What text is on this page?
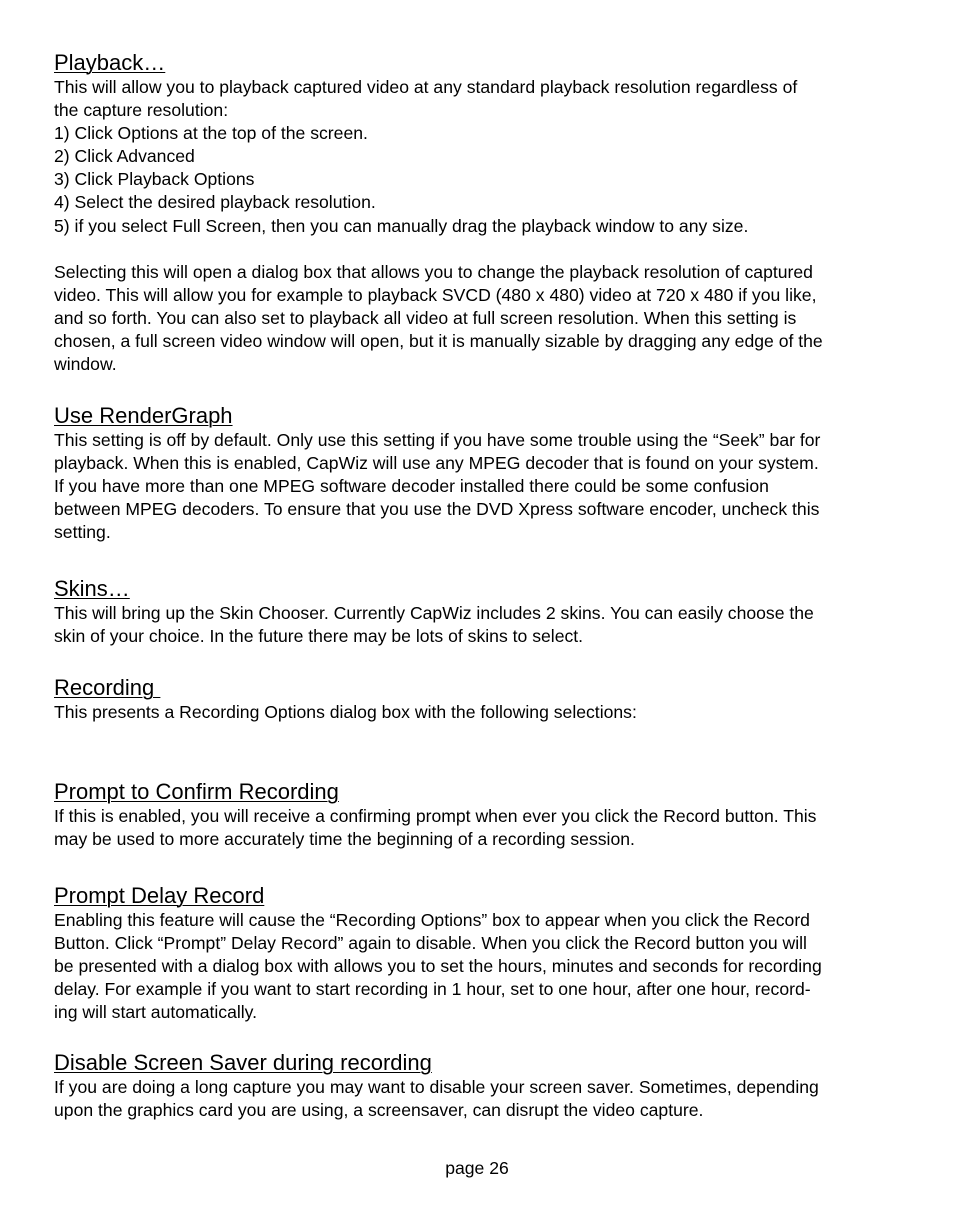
Playback…
This will allow you to playback captured video at any standard playback resolution regardless of
the capture resolution:
1) Click Options at the top of the screen.
2) Click Advanced
3) Click Playback Options
4) Select the desired playback resolution.
5) if you select Full Screen, then you can manually drag the playback window to any size.
Selecting this will open a dialog box that allows you to change the playback resolution of captured
video. This will allow you for example to playback SVCD (480 x 480) video at 720 x 480 if you like,
and so forth. You can also set to playback all video at full screen resolution. When this setting is
chosen, a full screen video window will open, but it is manually sizable by dragging any edge of the
window.
Use RenderGraph
This setting is off by default. Only use this setting if you have some trouble using the “Seek” bar for
playback. When this is enabled, CapWiz will use any MPEG decoder that is found on your system.
If you have more than one MPEG software decoder installed there could be some confusion
between MPEG decoders. To ensure that you use the DVD Xpress software encoder, uncheck this
setting.
Skins…
This will bring up the Skin Chooser. Currently CapWiz includes 2 skins. You can easily choose the
skin of your choice. In the future there may be lots of skins to select.
Recording
This presents a Recording Options dialog box with the following selections:
Prompt to Confirm Recording
If this is enabled, you will receive a confirming prompt when ever you click the Record button. This
may be used to more accurately time the beginning of a recording session.
Prompt Delay Record
Enabling this feature will cause the “Recording Options” box to appear when you click the Record
Button. Click “Prompt” Delay Record” again to disable. When you click the Record button you will
be presented with a dialog box with allows you to set the hours, minutes and seconds for recording
delay. For example if you want to start recording in 1 hour, set to one hour, after one hour, record-
ing will start automatically.
Disable Screen Saver during recording
If you are doing a long capture you may want to disable your screen saver. Sometimes, depending
upon the graphics card you are using, a screensaver, can disrupt the video capture.
page 26
